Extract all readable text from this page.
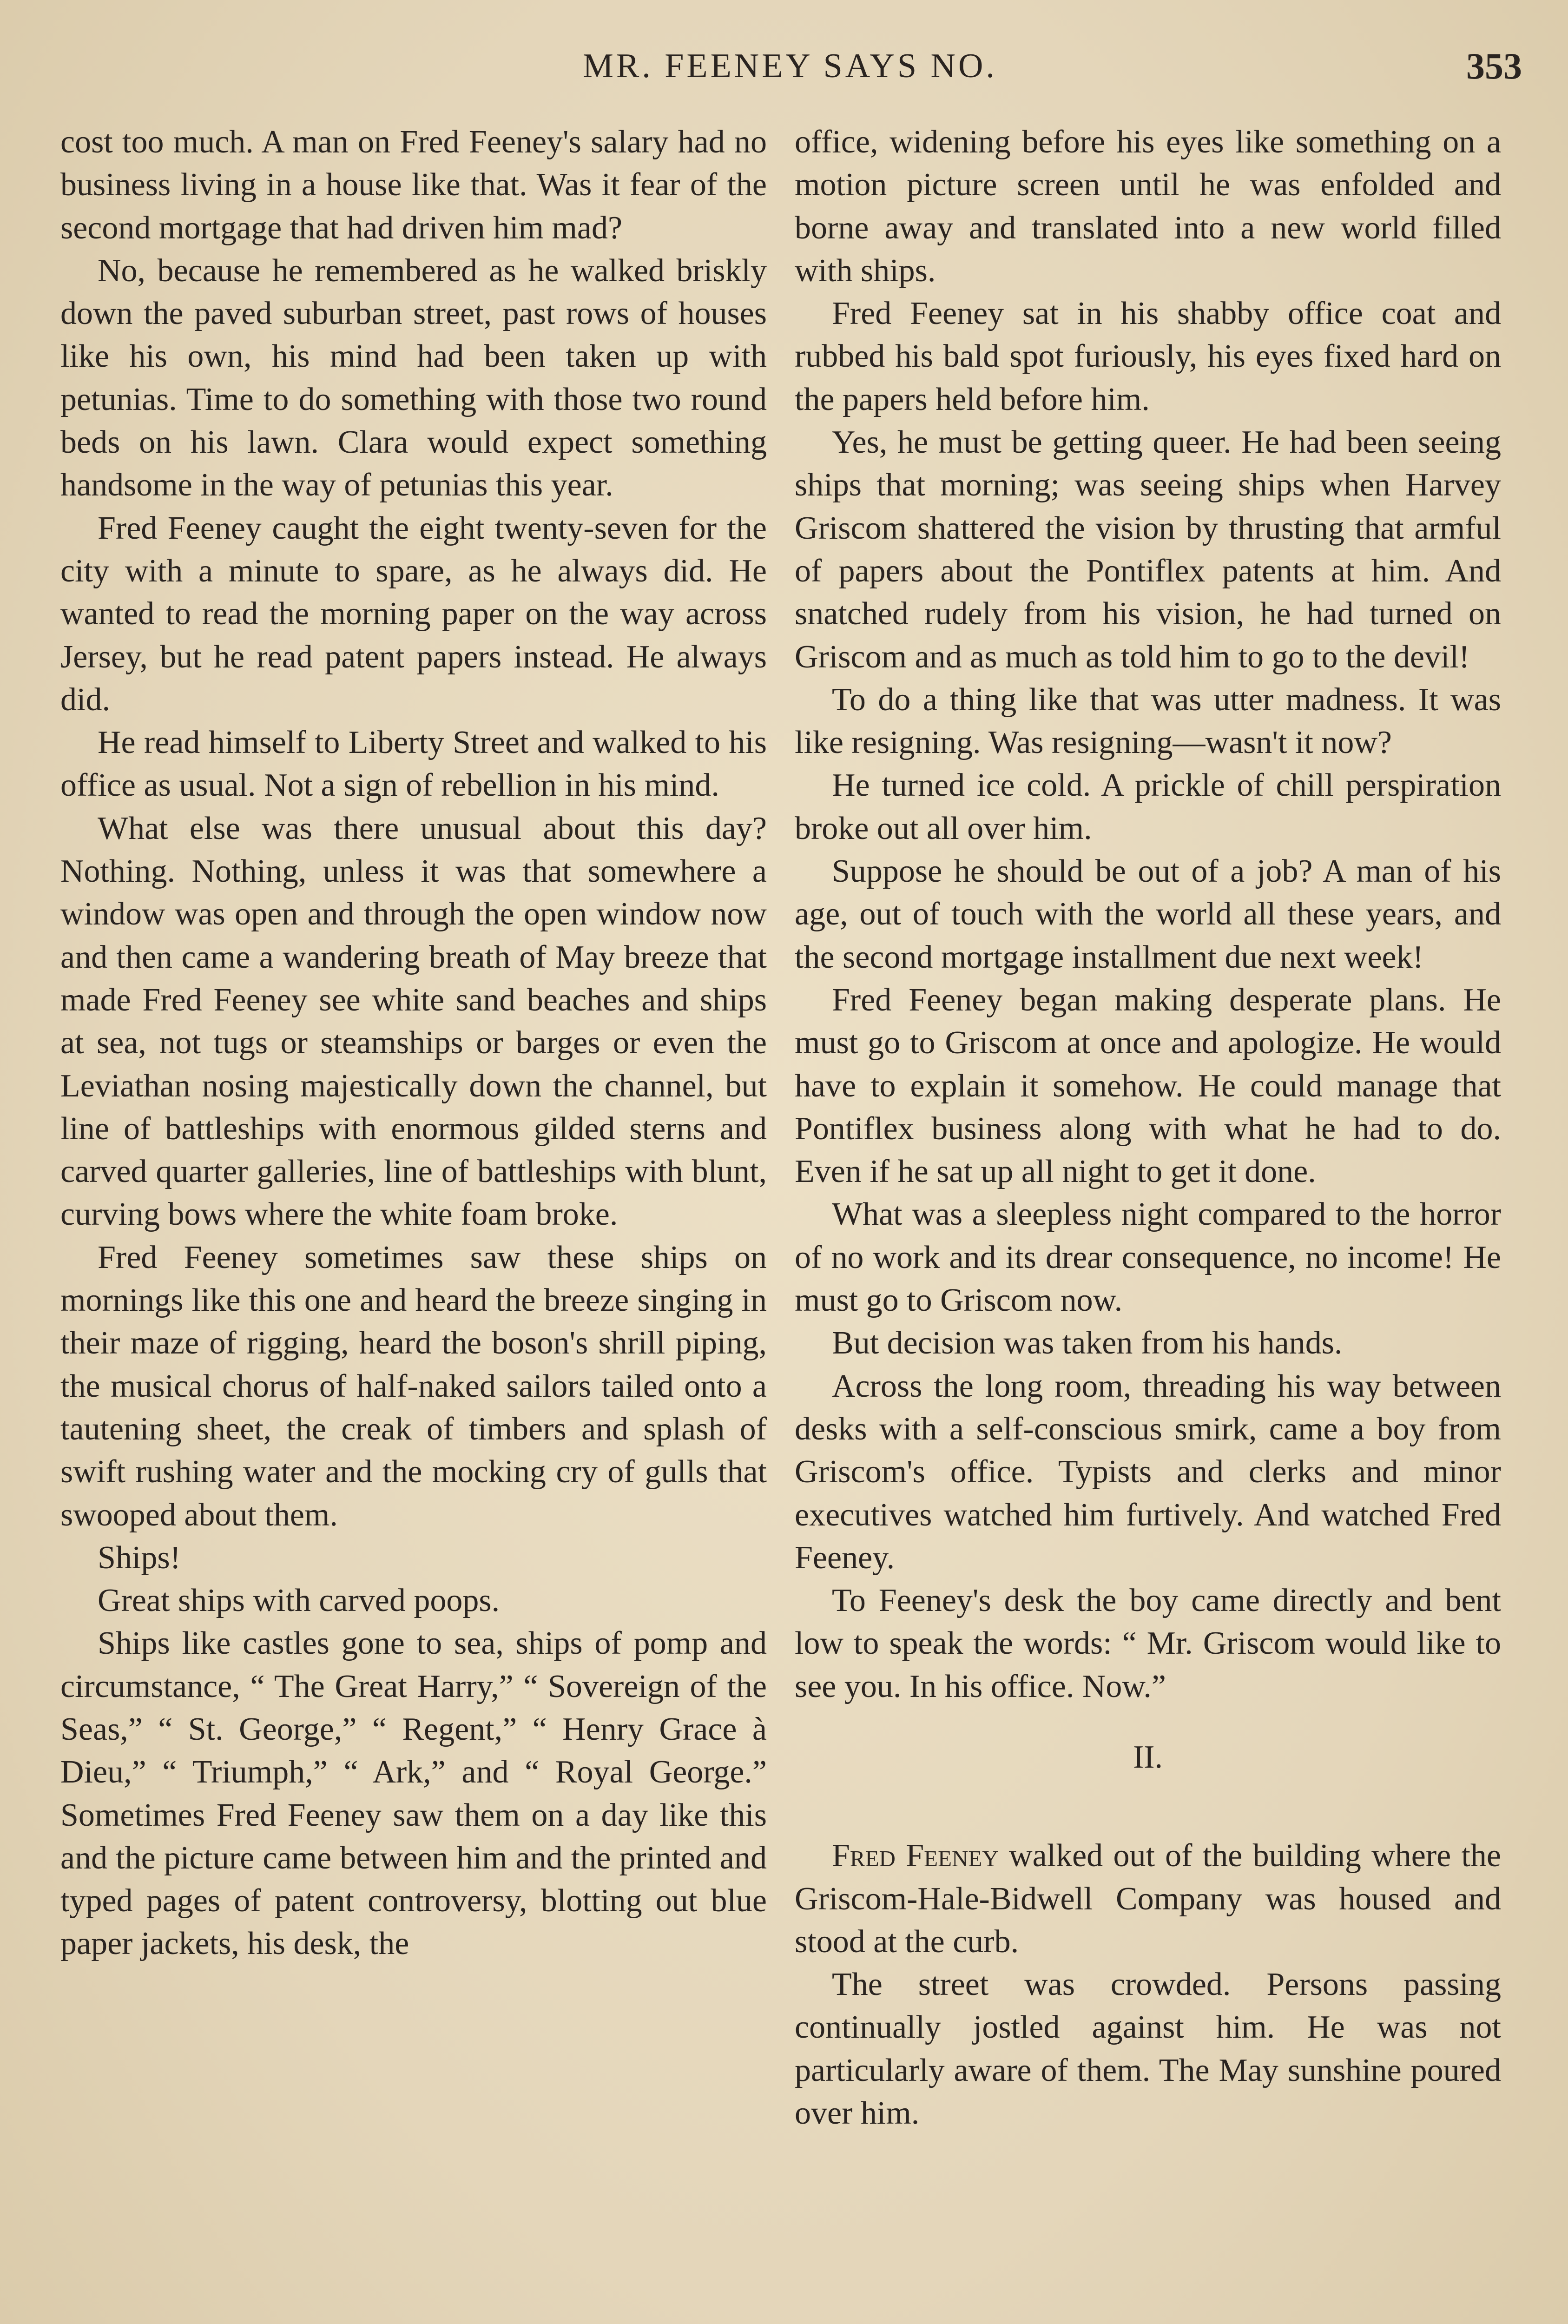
MR. FEENEY SAYS NO.	353

cost too much. A man on Fred Feeney's salary had no business living in a house like that. Was it fear of the second mortgage that had driven him mad?

No, because he remembered as he walked briskly down the paved suburban street, past rows of houses like his own, his mind had been taken up with petunias. Time to do something with those two round beds on his lawn. Clara would expect something handsome in the way of petunias this year.

Fred Feeney caught the eight twenty-seven for the city with a minute to spare, as he always did. He wanted to read the morning paper on the way across Jersey, but he read patent papers instead. He always did.

He read himself to Liberty Street and walked to his office as usual. Not a sign of rebellion in his mind.

What else was there unusual about this day? Nothing. Nothing, unless it was that somewhere a window was open and through the open window now and then came a wandering breath of May breeze that made Fred Feeney see white sand beaches and ships at sea, not tugs or steamships or barges or even the Leviathan nosing majestically down the channel, but line of battleships with enormous gilded sterns and carved quarter galleries, line of battleships with blunt, curving bows where the white foam broke.

Fred Feeney sometimes saw these ships on mornings like this one and heard the breeze singing in their maze of rigging, heard the boson's shrill piping, the musical chorus of half-naked sailors tailed onto a tautening sheet, the creak of timbers and splash of swift rushing water and the mocking cry of gulls that swooped about them.

Ships!

Great ships with carved poops.

Ships like castles gone to sea, ships of pomp and circumstance, “ The Great Harry,” “ Sovereign of the Seas,” “ St. George,” “ Regent,” “ Henry Grace à Dieu,” “ Triumph,” “ Ark,” and “ Royal George.” Sometimes Fred Feeney saw them on a day like this and the picture came between him and the printed and typed pages of patent controversy, blotting out blue paper jackets, his desk, the

office, widening before his eyes like something on a motion picture screen until he was enfolded and borne away and translated into a new world filled with ships.

Fred Feeney sat in his shabby office coat and rubbed his bald spot furiously, his eyes fixed hard on the papers held before him.

Yes, he must be getting queer. He had been seeing ships that morning; was seeing ships when Harvey Griscom shattered the vision by thrusting that armful of papers about the Pontiflex patents at him. And snatched rudely from his vision, he had turned on Griscom and as much as told him to go to the devil!

To do a thing like that was utter madness. It was like resigning. Was resigning—wasn't it now?

He turned ice cold. A prickle of chill perspiration broke out all over him.

Suppose he should be out of a job? A man of his age, out of touch with the world all these years, and the second mortgage installment due next week!

Fred Feeney began making desperate plans. He must go to Griscom at once and apologize. He would have to explain it somehow. He could manage that Pontiflex business along with what he had to do. Even if he sat up all night to get it done.

What was a sleepless night compared to the horror of no work and its drear consequence, no income! He must go to Griscom now.

But decision was taken from his hands.

Across the long room, threading his way between desks with a self-conscious smirk, came a boy from Griscom's office. Typists and clerks and minor executives watched him furtively. And watched Fred Feeney.

To Feeney's desk the boy came directly and bent low to speak the words: “ Mr. Griscom would like to see you. In his office. Now.”

II.

Fred Feeney walked out of the building where the Griscom-Hale-Bidwell Company was housed and stood at the curb.

The street was crowded. Persons passing continually jostled against him. He was not particularly aware of them. The May sunshine poured over him.
